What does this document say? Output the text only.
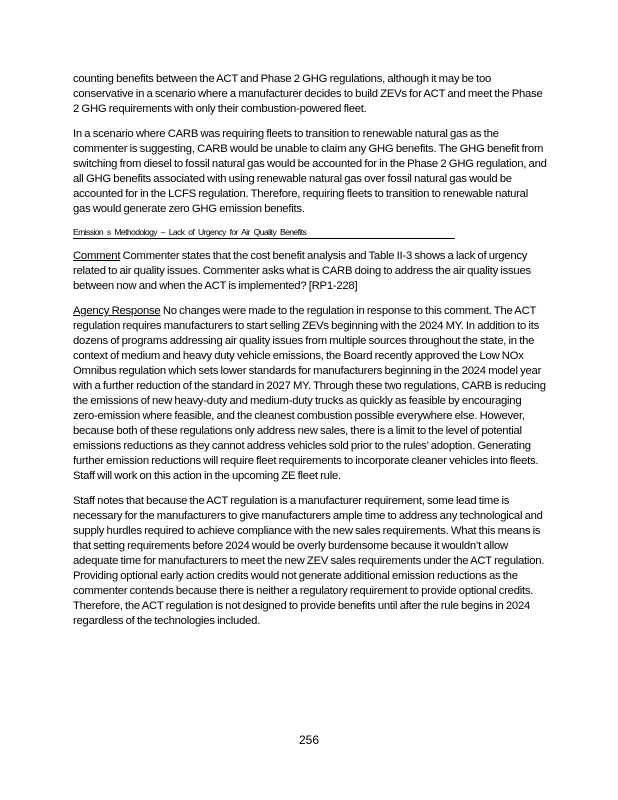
counting benefits between the ACT and Phase 2 GHG regulations, although it may be too conservative in a scenario where a manufacturer decides to build ZEVs for ACT and meet the Phase 2 GHG requirements with only their combustion-powered fleet.

In a scenario where CARB was requiring fleets to transition to renewable natural gas as the commenter is suggesting, CARB would be unable to claim any GHG benefits. The GHG benefit from switching from diesel to fossil natural gas would be accounted for in the Phase 2 GHG regulation, and all GHG benefits associated with using renewable natural gas over fossil natural gas would be accounted for in the LCFS regulation. Therefore, requiring fleets to transition to renewable natural gas would generate zero GHG emission benefits.

Emission s Methodology – Lack of Urgency for Air Quality Benefits

Comment Commenter states that the cost benefit analysis and Table II-3 shows a lack of urgency related to air quality issues. Commenter asks what is CARB doing to address the air quality issues between now and when the ACT is implemented? [RP1-228]

Agency Response No changes were made to the regulation in response to this comment. The ACT regulation requires manufacturers to start selling ZEVs beginning with the 2024 MY. In addition to its dozens of programs addressing air quality issues from multiple sources throughout the state, in the context of medium and heavy duty vehicle emissions, the Board recently approved the Low NOx Omnibus regulation which sets lower standards for manufacturers beginning in the 2024 model year with a further reduction of the standard in 2027 MY. Through these two regulations, CARB is reducing the emissions of new heavy-duty and medium-duty trucks as quickly as feasible by encouraging zero-emission where feasible, and the cleanest combustion possible everywhere else. However, because both of these regulations only address new sales, there is a limit to the level of potential emissions reductions as they cannot address vehicles sold prior to the rules’ adoption. Generating further emission reductions will require fleet requirements to incorporate cleaner vehicles into fleets. Staff will work on this action in the upcoming ZE fleet rule.

Staff notes that because the ACT regulation is a manufacturer requirement, some lead time is necessary for the manufacturers to give manufacturers ample time to address any technological and supply hurdles required to achieve compliance with the new sales requirements. What this means is that setting requirements before 2024 would be overly burdensome because it wouldn’t allow adequate time for manufacturers to meet the new ZEV sales requirements under the ACT regulation. Providing optional early action credits would not generate additional emission reductions as the commenter contends because there is neither a regulatory requirement to provide optional credits. Therefore, the ACT regulation is not designed to provide benefits until after the rule begins in 2024 regardless of the technologies included.

256
